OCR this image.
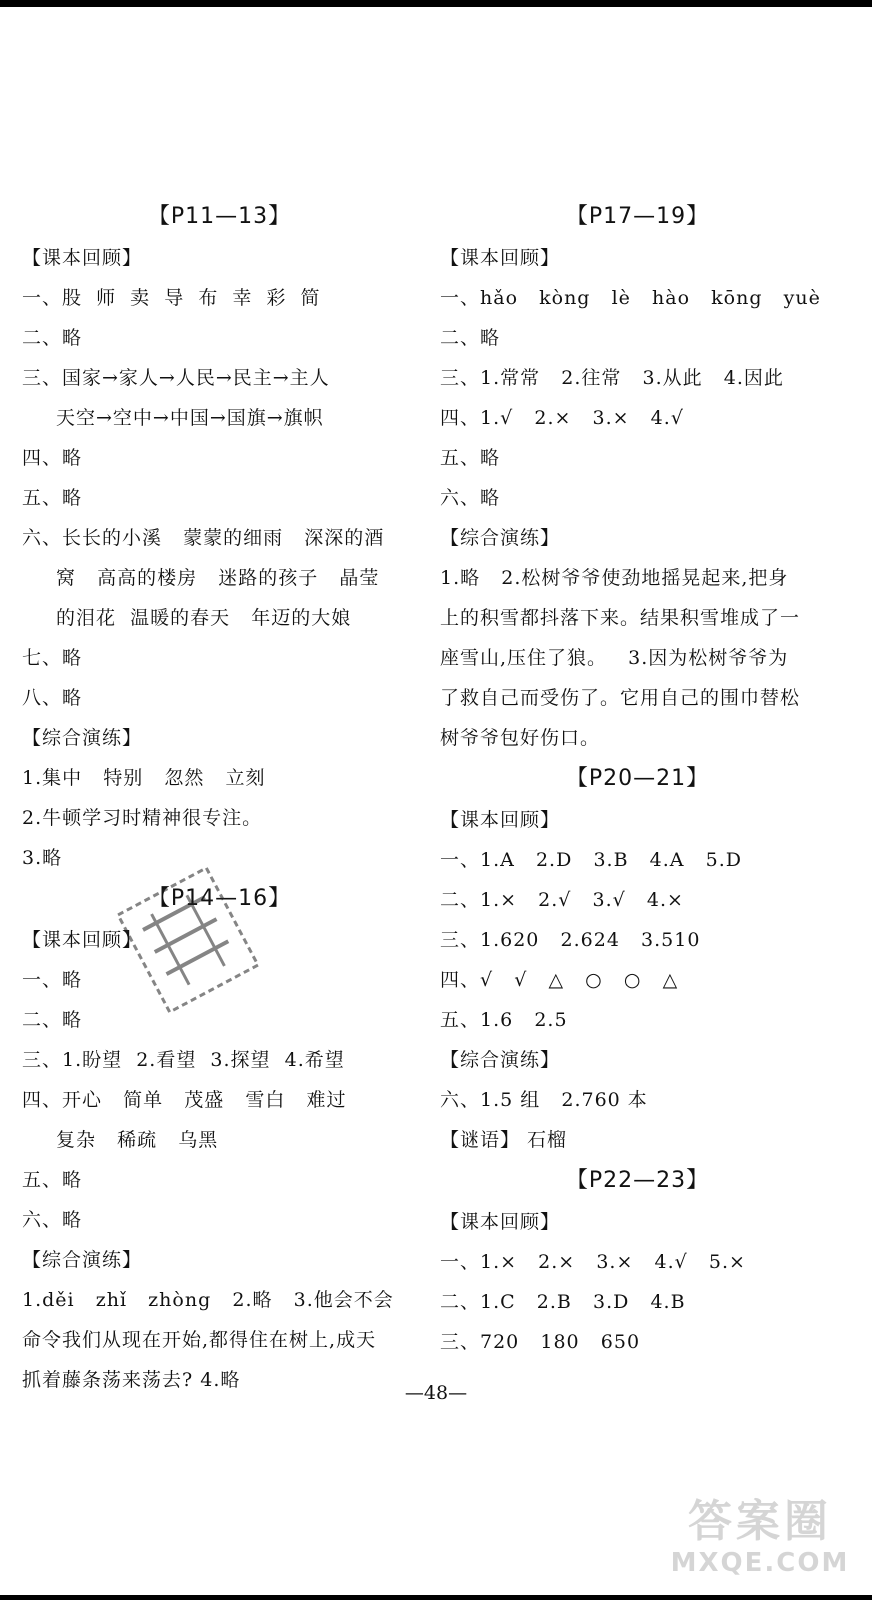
【P11—13】
【课本回顾】
一、股  师  卖  导  布  幸  彩  简
二、略
三、国家→家人→人民→民主→主人
天空→空中→中国→国旗→旗帜
四、略
五、略
六、长长的小溪   蒙蒙的细雨   深深的酒
窝   高高的楼房   迷路的孩子   晶莹
的泪花  温暖的春天   年迈的大娘
七、略
八、略
【综合演练】
1.集中   特别   忽然   立刻
2.牛顿学习时精神很专注。
3.略
【P14—16】
【课本回顾】
一、略
二、略
三、1.盼望  2.看望  3.探望  4.希望
四、开心   简单   茂盛   雪白   难过
复杂   稀疏   乌黑
五、略
六、略
【综合演练】
1.děi   zhǐ   zhòng   2.略   3.他会不会
命令我们从现在开始,都得住在树上,成天
抓着藤条荡来荡去? 4.略
【P17—19】
【课本回顾】
一、hǎo   kòng   lè   hào   kōng   yuè
二、略
三、1.常常   2.往常   3.从此   4.因此
四、1.√   2.×   3.×   4.√
五、略
六、略
【综合演练】
1.略   2.松树爷爷使劲地摇晃起来,把身
上的积雪都抖落下来。结果积雪堆成了一
座雪山,压住了狼。   3.因为松树爷爷为
了救自己而受伤了。它用自己的围巾替松
树爷爷包好伤口。
【P20—21】
【课本回顾】
一、1.A   2.D   3.B   4.A   5.D
二、1.×   2.√   3.√   4.×
三、1.620   2.624   3.510
四、√   √   △   ○   ○   △
五、1.6   2.5
【综合演练】
六、1.5 组   2.760 本
【谜语】 石榴
【P22—23】
【课本回顾】
一、1.×   2.×   3.×   4.√   5.×
二、1.C   2.B   3.D   4.B
三、720   180   650
—48—
答案圈
MXQE.COM
